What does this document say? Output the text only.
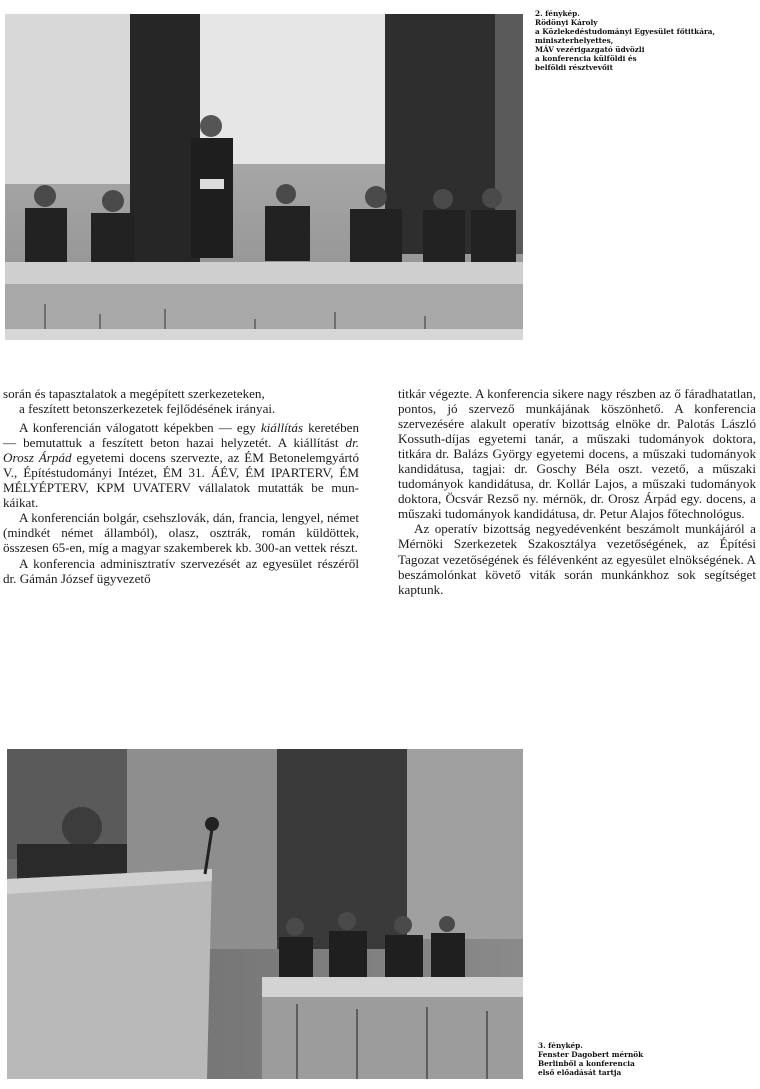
2. fénykép.
Rödönyi Károly
a Közlekedéstudományi Egyesület főtitkára,
miniszterhelyettes,
MÁV vezérigazgató üdvözli
a konferencia külföldi és
belföldi résztvevőit

során és tapasztalatok a megépített szerkezeteken,

a feszített betonszerkezetek fejlődésének irányai.

A konferencián válogatott képekben — egy kiállítás keretében — bemutattuk a feszített beton hazai helyzetét. A kiállítást dr. Orosz Árpád egyetemi docens szervezte, az ÉM Betonelemgyártó V., Építéstudományi Intézet, ÉM 31. ÁÉV, ÉM IPARTERV, ÉM MÉLYÉPTERV, KPM UVATERV vállalatok mutatták be munkáikat.

A konferencián bolgár, csehszlovák, dán, francia, lengyel, német (mindkét német államból), olasz, osztrák, román küldöttek, összesen 65-en, míg a magyar szakemberek kb. 300-an vettek részt.

A konferencia adminisztratív szervezését az egyesület részéről dr. Gámán József ügyvezető

titkár végezte. A konferencia sikere nagy részben az ő fáradhatatlan, pontos, jó szervező munkájának köszönhető. A konferencia szervezésére alakult operatív bizottság elnöke dr. Palotás László Kossuth-díjas egyetemi tanár, a műszaki tudományok doktora, titkára dr. Balázs György egyetemi docens, a műszaki tudományok kandidátusa, tagjai: dr. Goschy Béla oszt. vezető, a műszaki tudományok kandidátusa, dr. Kollár Lajos, a műszaki tudományok doktora, Öcsvár Rezső ny. mérnök, dr. Orosz Árpád egy. docens, a műszaki tudományok kandidátusa, dr. Petur Alajos főtechnológus.

Az operatív bizottság negyedévenként beszámolt munkájáról a Mérnöki Szerkezetek Szakosztálya vezetőségének, az Építési Tagozat vezetőségének és félévenként az egyesület elnökségének. A beszámolónkat követő viták során munkánkhoz sok segítséget kaptunk.

3. fénykép.
Fenster Dagobert mérnök
Berlinből a konferencia
első előadását tartja
